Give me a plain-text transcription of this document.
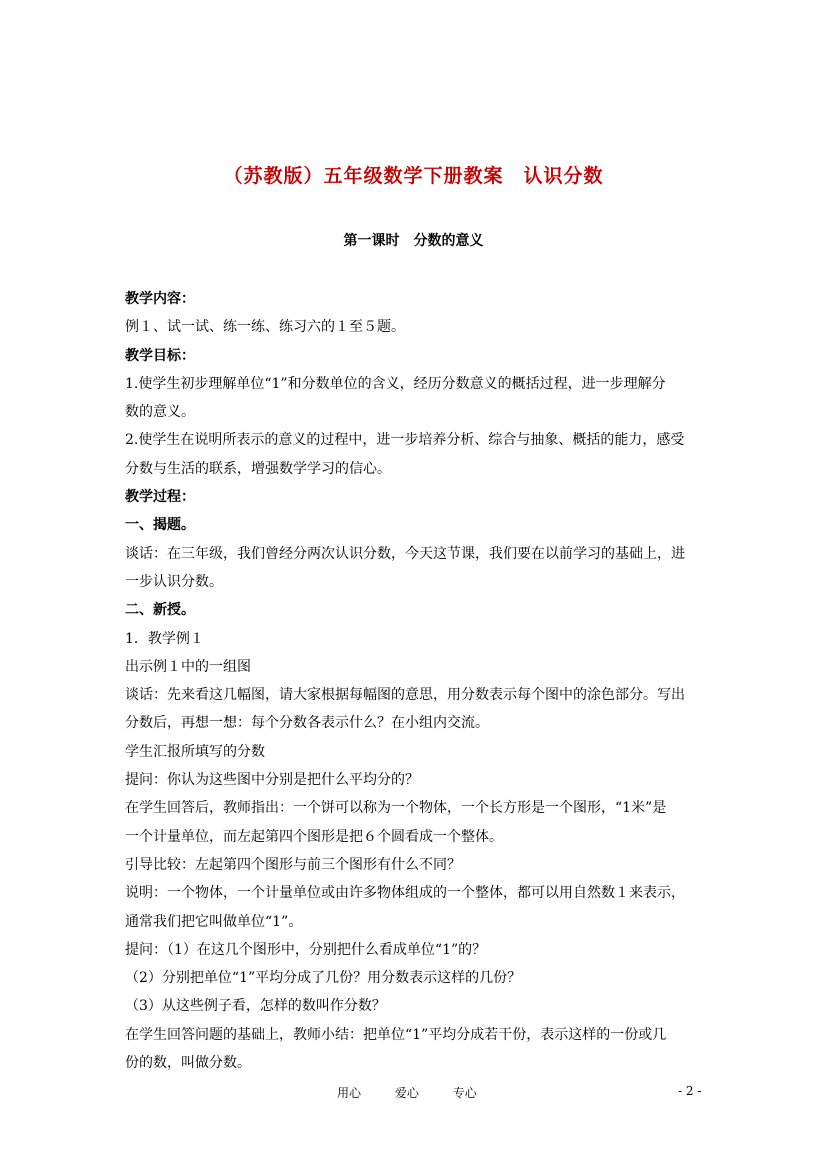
（苏教版）五年级数学下册教案　认识分数
第一课时　分数的意义
教学内容：
例１、试一试、练一练、练习六的１至５题。
教学目标：
1.使学生初步理解单位“1”和分数单位的含义，经历分数意义的概括过程，进一步理解分
数的意义。
2.使学生在说明所表示的意义的过程中，进一步培养分析、综合与抽象、概括的能力，感受
分数与生活的联系，增强数学学习的信心。
教学过程：
一、揭题。
谈话：在三年级，我们曾经分两次认识分数，今天这节课，我们要在以前学习的基础上，进
一步认识分数。
二、新授。
1．教学例１
出示例１中的一组图
谈话：先来看这几幅图，请大家根据每幅图的意思，用分数表示每个图中的涂色部分。写出
分数后，再想一想：每个分数各表示什么？在小组内交流。
学生汇报所填写的分数
提问：你认为这些图中分别是把什么平均分的？
在学生回答后，教师指出：一个饼可以称为一个物体，一个长方形是一个图形，“1米”是
一个计量单位，而左起第四个图形是把６个圆看成一个整体。
引导比较：左起第四个图形与前三个图形有什么不同？
说明：一个物体，一个计量单位或由许多物体组成的一个整体，都可以用自然数１来表示，
通常我们把它叫做单位“1”。
提问：（1）在这几个图形中，分别把什么看成单位“1”的？
（2）分别把单位“1”平均分成了几份？用分数表示这样的几份？
（3）从这些例子看，怎样的数叫作分数？
在学生回答问题的基础上，教师小结：把单位“1”平均分成若干份，表示这样的一份或几
份的数，叫做分数。
用心	爱心	专心	- 2 -
